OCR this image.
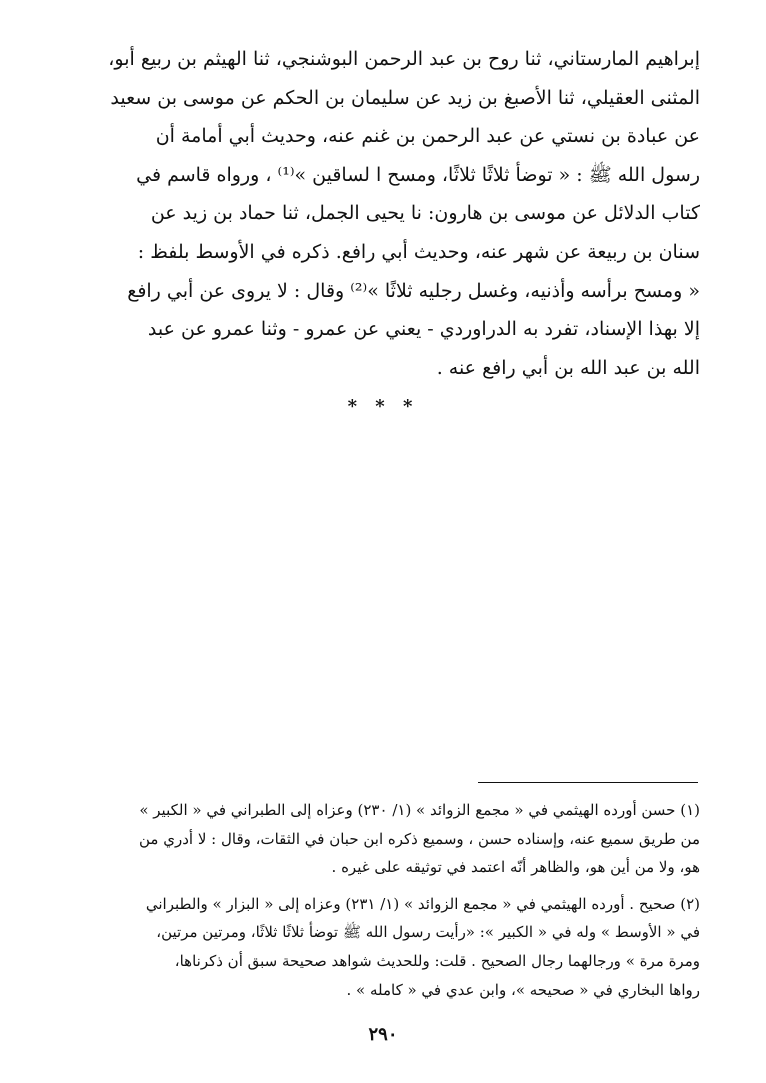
إبراهيم المارستاني، ثنا روح بن عبد الرحمن البوشنجي، ثنا الهيثم بن ربيع أبو،
المثنى العقيلي، ثنا الأصبغ بن زيد عن سليمان بن الحكم عن موسى بن سعيد
عن عبادة بن نستي عن عبد الرحمن بن غنم عنه، وحديث أبي أمامة أن
رسول الله ﷺ : « توضأ ثلاثًا ثلاثًا، ومسح ا لساقين »⁽¹⁾ ، ورواه قاسم في
كتاب الدلائل عن موسى بن هارون: نا يحيى الجمل، ثنا حماد بن زيد عن
سنان بن ربيعة عن شهر عنه، وحديث أبي رافع. ذكره في الأوسط بلفظ :
« ومسح برأسه وأذنيه، وغسل رجليه ثلاثًا »⁽²⁾ وقال : لا يروى عن أبي رافع
إلا بهذا الإسناد، تفرد به الدراوردي - يعني عن عمرو - وثنا عمرو عن عبد
الله بن عبد الله بن أبي رافع عنه .
* * *
(١) حسن أورده الهيثمي في « مجمع الزوائد » (١/ ٢٣٠) وعزاه إلى الطبراني في « الكبير »
من طريق سميع عنه، وإسناده حسن ، وسميع ذكره ابن حبان في الثقات، وقال : لا أدري من
هو، ولا من أين هو، والظاهر أنّه اعتمد في توثيقه على غيره .
(٢) صحيح . أورده الهيثمي في « مجمع الزوائد » (١/ ٢٣١) وعزاه إلى « البزار » والطبراني
في « الأوسط » وله في « الكبير »: «رأيت رسول الله ﷺ توضأ ثلاثًا ثلاثًا، ومرتين مرتين،
ومرة مرة » ورجالهما رجال الصحيح . قلت: وللحديث شواهد صحيحة سبق أن ذكرناها،
رواها البخاري في « صحيحه »، وابن عدي في « كامله » .
٢٩٠
